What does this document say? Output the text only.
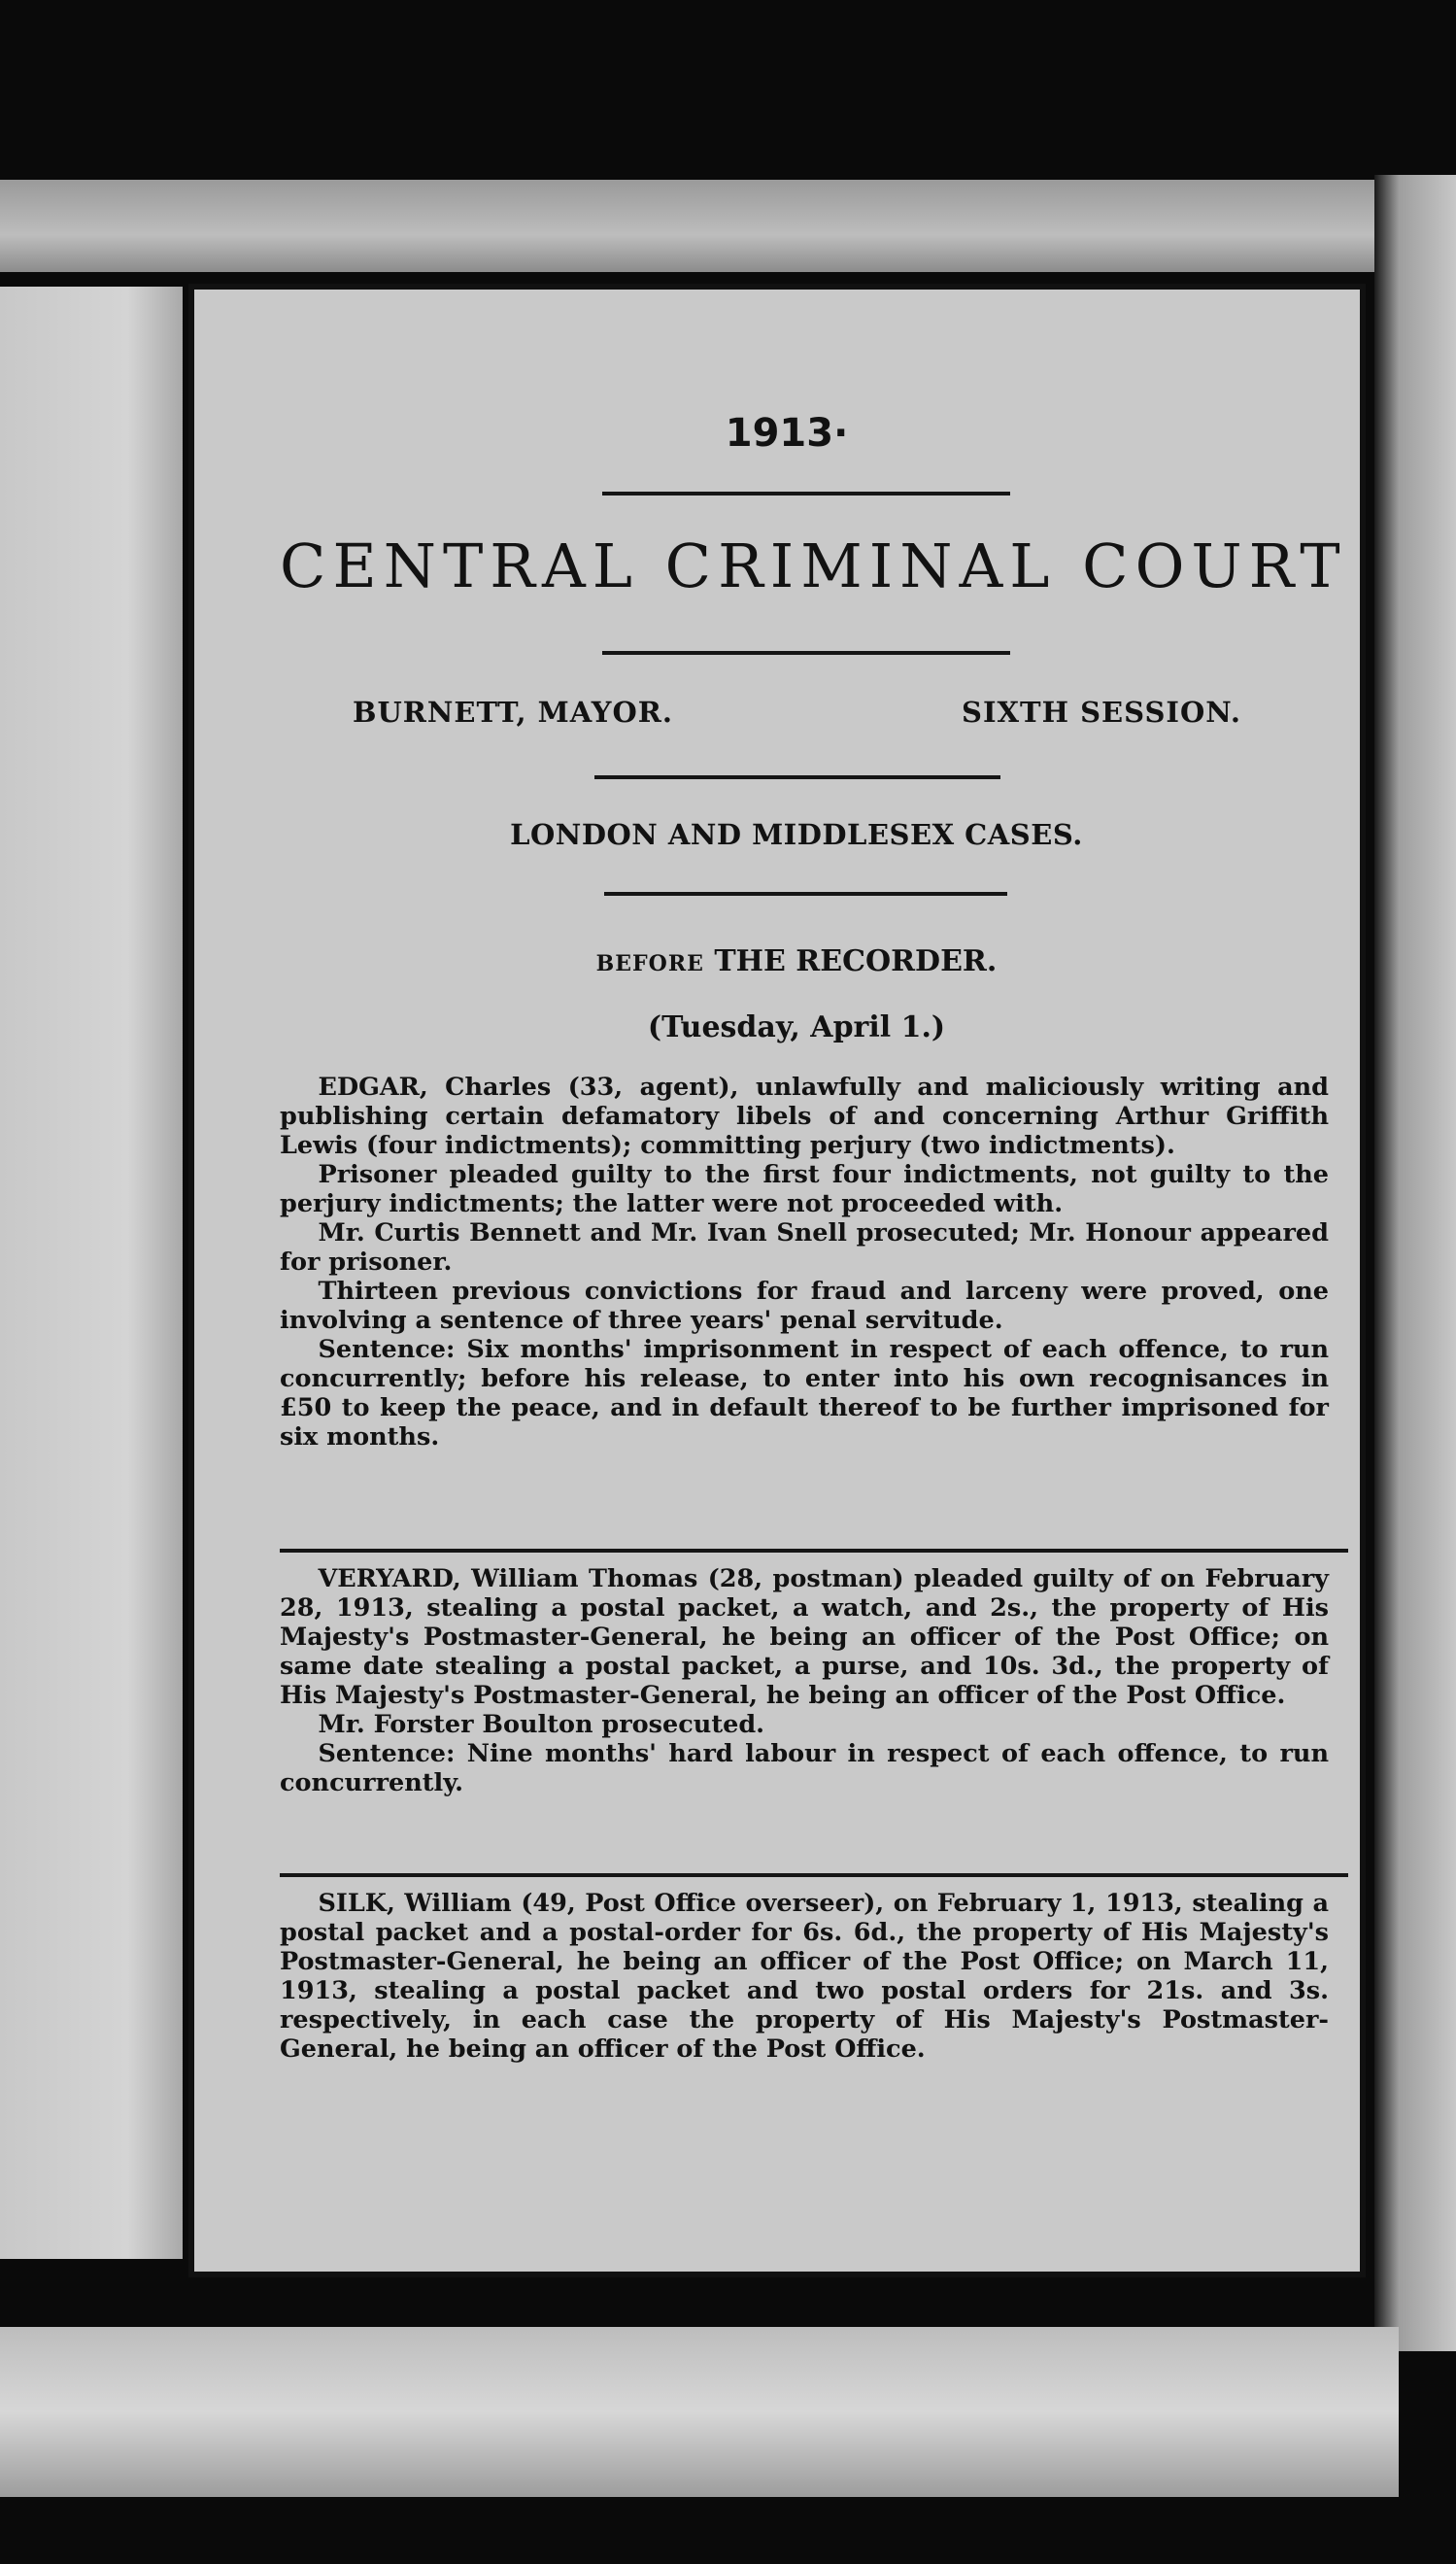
1913·
CENTRAL CRIMINAL COURT
BURNETT, MAYOR.	SIXTH SESSION.
LONDON AND MIDDLESEX CASES.
BEFORE THE RECORDER.
(Tuesday, April 1.)

EDGAR, Charles (33, agent), unlawfully and maliciously writing and publishing certain defamatory libels of and concerning Arthur Griffith Lewis (four indictments); committing perjury (two indictments).

Prisoner pleaded guilty to the first four indictments, not guilty to the perjury indictments; the latter were not proceeded with.

Mr. Curtis Bennett and Mr. Ivan Snell prosecuted; Mr. Honour appeared for prisoner.

Thirteen previous convictions for fraud and larceny were proved, one involving a sentence of three years' penal servitude.

Sentence: Six months' imprisonment in respect of each offence, to run concurrently; before his release, to enter into his own recognisances in £50 to keep the peace, and in default thereof to be further imprisoned for six months.

VERYARD, William Thomas (28, postman) pleaded guilty of on February 28, 1913, stealing a postal packet, a watch, and 2s., the property of His Majesty's Postmaster-General, he being an officer of the Post Office; on same date stealing a postal packet, a purse, and 10s. 3d., the property of His Majesty's Postmaster-General, he being an officer of the Post Office.

Mr. Forster Boulton prosecuted.

Sentence: Nine months' hard labour in respect of each offence, to run concurrently.

SILK, William (49, Post Office overseer), on February 1, 1913, stealing a postal packet and a postal-order for 6s. 6d., the property of His Majesty's Postmaster-General, he being an officer of the Post Office; on March 11, 1913, stealing a postal packet and two postal orders for 21s. and 3s. respectively, in each case the property of His Majesty's Postmaster-General, he being an officer of the Post Office.
